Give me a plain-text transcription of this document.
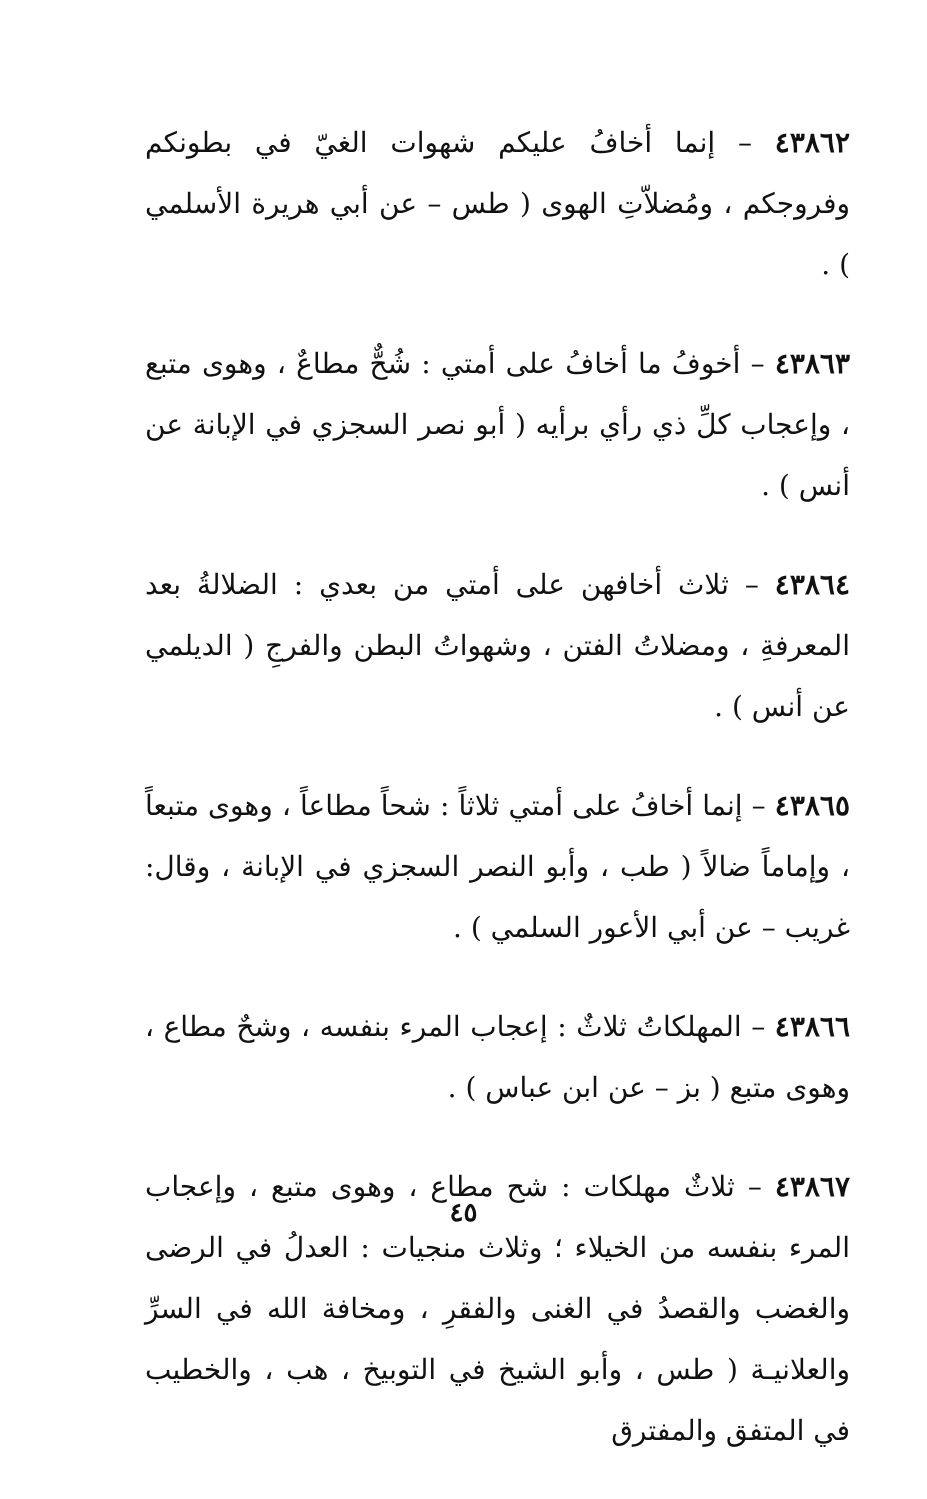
٤٣٨٦٢ – إنما أخافُ عليكم شهوات الغيّ في بطونكم وفروجكم ، ومُضلاّتِ الهوى ( طس – عن أبي هريرة الأسلمي ) .

٤٣٨٦٣ – أخوفُ ما أخافُ على أمتي : شُحٌّ مطاعٌ ، وهوى متبع ، وإعجاب كلِّ ذي رأي برأيه ( أبو نصر السجزي في الإبانة عن أنس ) .

٤٣٨٦٤ – ثلاث أخافهن على أمتي من بعدي : الضلالةُ بعد المعرفةِ ، ومضلاتُ الفتن ، وشهواتُ البطن والفرجِ ( الديلمي عن أنس ) .

٤٣٨٦٥ – إنما أخافُ على أمتي ثلاثاً : شحاً مطاعاً ، وهوى متبعاً ، وإماماً ضالاً ( طب ، وأبو النصر السجزي في الإبانة ، وقال: غريب – عن أبي الأعور السلمي ) .

٤٣٨٦٦ – المهلكاتُ ثلاثٌ : إعجاب المرء بنفسه ، وشحٌ مطاع ، وهوى متبع ( بز – عن ابن عباس ) .

٤٣٨٦٧ – ثلاثٌ مهلكات : شح مطاع ، وهوى متبع ، وإعجاب المرء بنفسه من الخيلاء ؛ وثلاث منجيات : العدلُ في الرضى والغضب والقصدُ في الغنى والفقرِ ، ومخافة الله في السرِّ والعلانيـة ( طس ، وأبو الشيخ في التوبيخ ، هب ، والخطيب في المتفق والمفترق

٤٥
